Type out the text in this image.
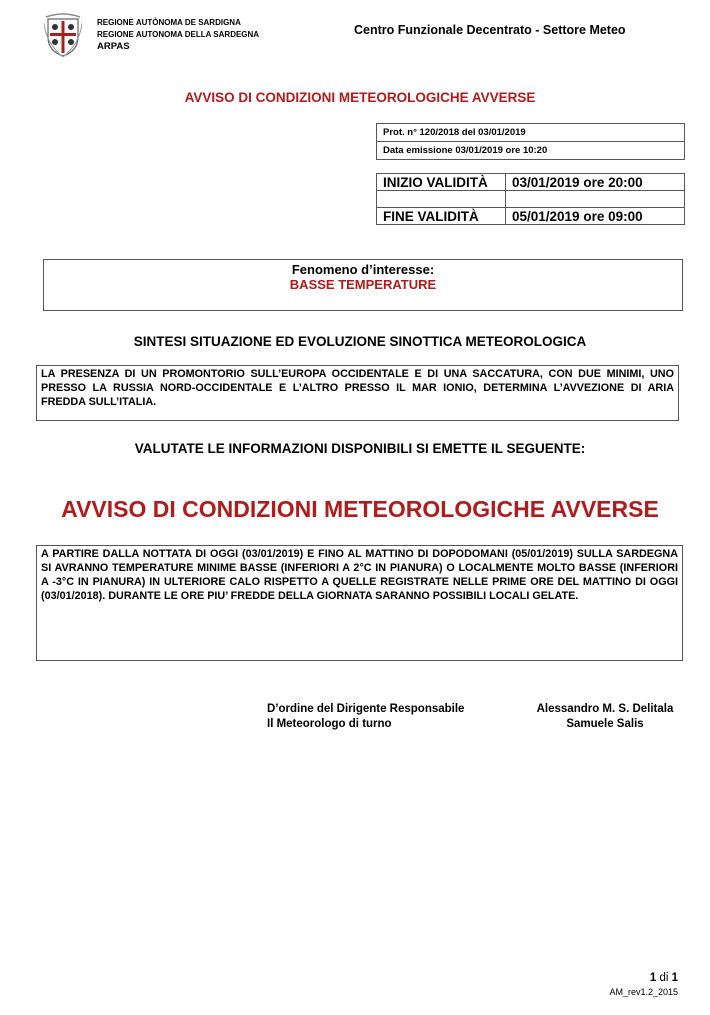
REGIONE AUTÒNOMA DE SARDIGNA
REGIONE AUTONOMA DELLA SARDEGNA
ARPAS
Centro Funzionale Decentrato - Settore Meteo
AVVISO DI CONDIZIONI METEOROLOGICHE AVVERSE
Prot. n° 120/2018 del 03/01/2019
Data emissione 03/01/2019 ore 10:20
INIZIO VALIDITÀ	03/01/2019 ore 20:00

FINE VALIDITÀ	05/01/2019 ore 09:00
Fenomeno d’interesse:
BASSE TEMPERATURE
SINTESI SITUAZIONE ED EVOLUZIONE SINOTTICA METEOROLOGICA
LA PRESENZA DI UN PROMONTORIO SULL’EUROPA OCCIDENTALE E DI UNA SACCATURA, CON DUE MINIMI, UNO PRESSO LA RUSSIA NORD-OCCIDENTALE E L’ALTRO PRESSO IL MAR IONIO, DETERMINA L’AVVEZIONE DI ARIA FREDDA SULL’ITALIA.
VALUTATE LE INFORMAZIONI DISPONIBILI SI EMETTE IL SEGUENTE:
AVVISO DI CONDIZIONI METEOROLOGICHE AVVERSE
A PARTIRE DALLA NOTTATA DI OGGI (03/01/2019) E FINO AL MATTINO DI DOPODOMANI (05/01/2019) SULLA SARDEGNA SI AVRANNO TEMPERATURE MINIME BASSE (INFERIORI A 2°C IN PIANURA) O LOCALMENTE MOLTO BASSE (INFERIORI A -3°C IN PIANURA) IN ULTERIORE CALO RISPETTO A QUELLE REGISTRATE NELLE PRIME ORE DEL MATTINO DI OGGI (03/01/2018). DURANTE LE ORE PIU’ FREDDE DELLA GIORNATA SARANNO POSSIBILI LOCALI GELATE.
D’ordine del Dirigente Responsabile
Il Meteorologo di turno
Alessandro M. S. Delitala
Samuele Salis
1 di 1
AM_rev1.2_2015
